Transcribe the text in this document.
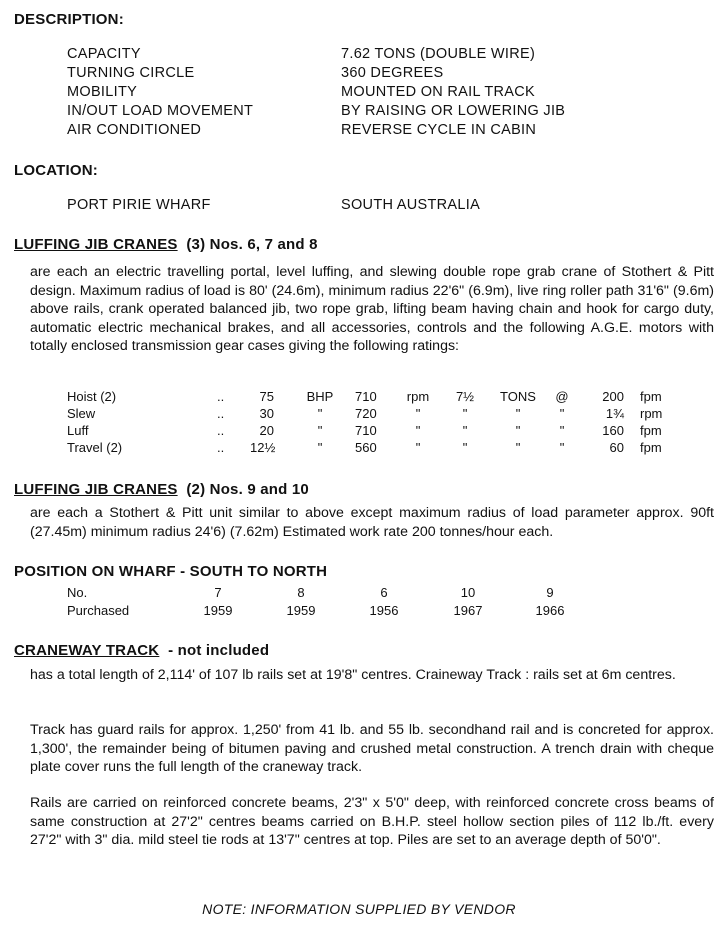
DESCRIPTION:
CAPACITY	7.62 TONS (DOUBLE WIRE)
TURNING CIRCLE	360 DEGREES
MOBILITY	MOUNTED ON RAIL TRACK
IN/OUT LOAD MOVEMENT	BY RAISING OR LOWERING JIB
AIR CONDITIONED	REVERSE CYCLE IN CABIN
LOCATION:
PORT PIRIE WHARF	SOUTH AUSTRALIA
LUFFING JIB CRANES (3) Nos. 6, 7 and 8
are each an electric travelling portal, level luffing, and slewing double rope grab crane of Stothert & Pitt design. Maximum radius of load is 80' (24.6m), minimum radius 22'6" (6.9m), live ring roller path 31'6" (9.6m) above rails, crank operated balanced jib, two rope grab, lifting beam having chain and hook for cargo duty, automatic electric mechanical brakes, and all accessories, controls and the following A.G.E. motors with totally enclosed transmission gear cases giving the following ratings:
Hoist (2)	..	75	BHP	710	rpm	7½	TONS	@	200 fpm
Slew	..	30	"	720	"	"	"	"	1¾ rpm
Luff	..	20	"	710	"	"	"	"	160 fpm
Travel (2)	.. 12½	"	560	"	"	"	"	60 fpm
LUFFING JIB CRANES (2) Nos. 9 and 10
are each a Stothert & Pitt unit similar to above except maximum radius of load parameter approx. 90ft (27.45m) minimum radius 24'6) (7.62m) Estimated work rate 200 tonnes/hour each.
POSITION ON WHARF - SOUTH TO NORTH
No.	7	8	6	10	9
Purchased	1959	1959	1956	1967	1966
CRANEWAY TRACK - not included
has a total length of 2,114' of 107 lb rails set at 19'8" centres. Craineway Track : rails set at 6m centres.
Track has guard rails for approx. 1,250' from 41 lb. and 55 lb. secondhand rail and is concreted for approx. 1,300', the remainder being of bitumen paving and crushed metal construction. A trench drain with cheque plate cover runs the full length of the craneway track.
Rails are carried on reinforced concrete beams, 2'3" x 5'0" deep, with reinforced concrete cross beams of same construction at 27'2" centres beams carried on B.H.P. steel hollow section piles of 112 lb./ft. every 27'2" with 3" dia. mild steel tie rods at 13'7" centres at top. Piles are set to an average depth of 50'0".
NOTE: INFORMATION SUPPLIED BY VENDOR
